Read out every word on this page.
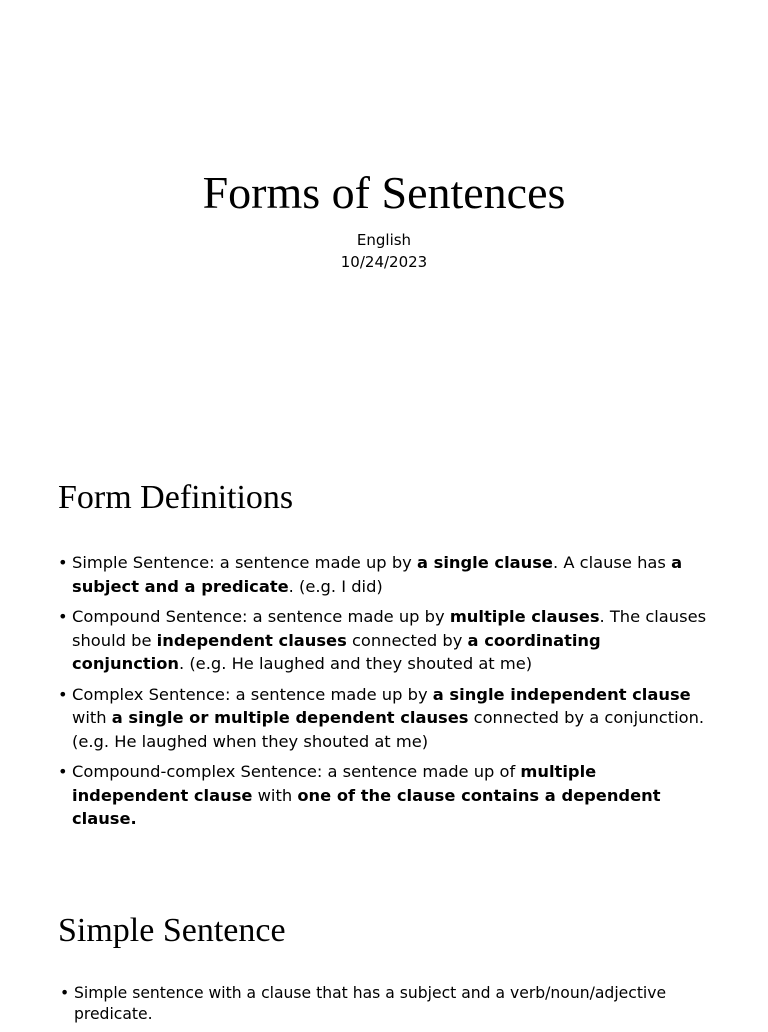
Forms of Sentences
English
10/24/2023
Form Definitions
• Simple Sentence: a sentence made up by a single clause. A clause has a subject and a predicate. (e.g. I did)
• Compound Sentence: a sentence made up by multiple clauses. The clauses should be independent clauses connected by a coordinating conjunction. (e.g. He laughed and they shouted at me)
• Complex Sentence: a sentence made up by a single independent clause with a single or multiple dependent clauses connected by a conjunction. (e.g. He laughed when they shouted at me)
• Compound-complex Sentence: a sentence made up of multiple independent clause with one of the clause contains a dependent clause.
Simple Sentence
• Simple sentence with a clause that has a subject and a verb/noun/adjective predicate.
